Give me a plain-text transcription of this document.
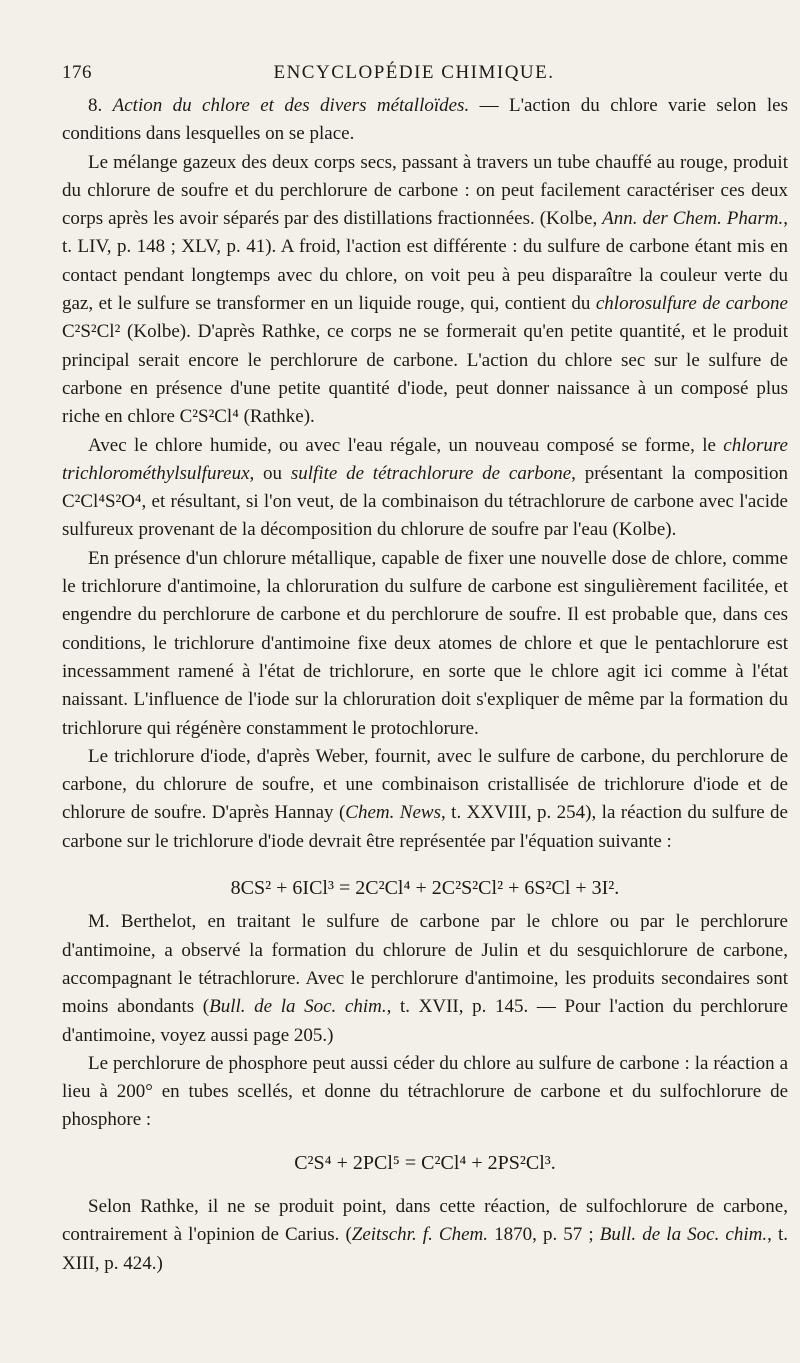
176	ENCYCLOPÉDIE CHIMIQUE.

8. Action du chlore et des divers métalloïdes. — L'action du chlore varie selon les conditions dans lesquelles on se place.

Le mélange gazeux des deux corps secs, passant à travers un tube chauffé au rouge, produit du chlorure de soufre et du perchlorure de carbone : on peut facilement caractériser ces deux corps après les avoir séparés par des distillations fractionnées. (Kolbe, Ann. der Chem. Pharm., t. LIV, p. 148 ; XLV, p. 41). A froid, l'action est différente : du sulfure de carbone étant mis en contact pendant longtemps avec du chlore, on voit peu à peu disparaître la couleur verte du gaz, et le sulfure se transformer en un liquide rouge, qui, contient du chlorosulfure de carbone C²S²Cl² (Kolbe). D'après Rathke, ce corps ne se formerait qu'en petite quantité, et le produit principal serait encore le perchlorure de carbone. L'action du chlore sec sur le sulfure de carbone en présence d'une petite quantité d'iode, peut donner naissance à un composé plus riche en chlore C²S²Cl⁴ (Rathke).

Avec le chlore humide, ou avec l'eau régale, un nouveau composé se forme, le chlorure trichlorométhylsulfureux, ou sulfite de tétrachlorure de carbone, présentant la composition C²Cl⁴S²O⁴, et résultant, si l'on veut, de la combinaison du tétrachlorure de carbone avec l'acide sulfureux provenant de la décomposition du chlorure de soufre par l'eau (Kolbe).

En présence d'un chlorure métallique, capable de fixer une nouvelle dose de chlore, comme le trichlorure d'antimoine, la chloruration du sulfure de carbone est singulièrement facilitée, et engendre du perchlorure de carbone et du perchlorure de soufre. Il est probable que, dans ces conditions, le trichlorure d'antimoine fixe deux atomes de chlore et que le pentachlorure est incessamment ramené à l'état de trichlorure, en sorte que le chlore agit ici comme à l'état naissant. L'influence de l'iode sur la chloruration doit s'expliquer de même par la formation du trichlorure qui régénère constamment le protochlorure.

Le trichlorure d'iode, d'après Weber, fournit, avec le sulfure de carbone, du perchlorure de carbone, du chlorure de soufre, et une combinaison cristallisée de trichlorure d'iode et de chlorure de soufre. D'après Hannay (Chem. News, t. XXVIII, p. 254), la réaction du sulfure de carbone sur le trichlorure d'iode devrait être représentée par l'équation suivante :

8CS² + 6ICl³ = 2C²Cl⁴ + 2C²S²Cl² + 6S²Cl + 3I².

M. Berthelot, en traitant le sulfure de carbone par le chlore ou par le perchlorure d'antimoine, a observé la formation du chlorure de Julin et du sesquichlorure de carbone, accompagnant le tétrachlorure. Avec le perchlorure d'antimoine, les produits secondaires sont moins abondants (Bull. de la Soc. chim., t. XVII, p. 145. — Pour l'action du perchlorure d'antimoine, voyez aussi page 205.)

Le perchlorure de phosphore peut aussi céder du chlore au sulfure de carbone : la réaction a lieu à 200° en tubes scellés, et donne du tétrachlorure de carbone et du sulfochlorure de phosphore :

C²S⁴ + 2PCl⁵ = C²Cl⁴ + 2PS²Cl³.

Selon Rathke, il ne se produit point, dans cette réaction, de sulfochlorure de carbone, contrairement à l'opinion de Carius. (Zeitschr. f. Chem. 1870, p. 57 ; Bull. de la Soc. chim., t. XIII, p. 424.)
